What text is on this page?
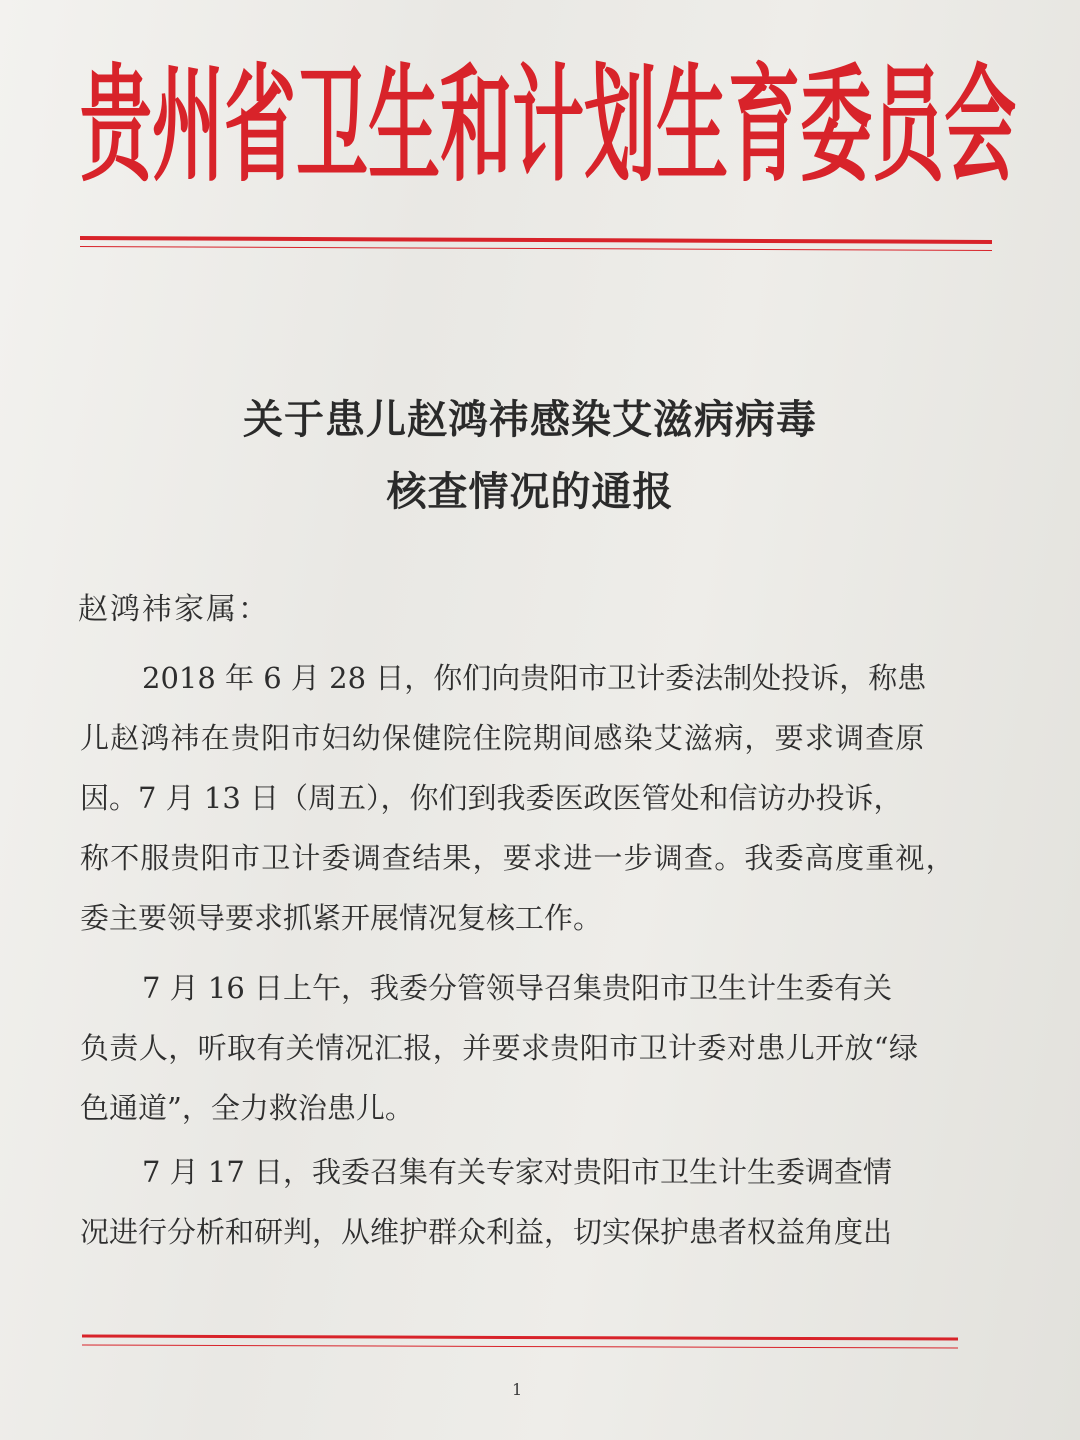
贵 州 省 卫 生 和 计 划 生 育 委 员 会
关于患儿赵鸿祎感染艾滋病病毒
核查情况的通报
赵鸿祎家属：
2018 年 6 月 28 日，你们向贵阳市卫计委法制处投诉，称患
儿赵鸿祎在贵阳市妇幼保健院住院期间感染艾滋病，要求调查原
因。7 月 13 日（周五），你们到我委医政医管处和信访办投诉，
称不服贵阳市卫计委调查结果，要求进一步调查。我委高度重视，
委主要领导要求抓紧开展情况复核工作。
7 月 16 日上午，我委分管领导召集贵阳市卫生计生委有关
负责人，听取有关情况汇报，并要求贵阳市卫计委对患儿开放“绿
色通道”，全力救治患儿。
7 月 17 日，我委召集有关专家对贵阳市卫生计生委调查情
况进行分析和研判，从维护群众利益，切实保护患者权益角度出
1
